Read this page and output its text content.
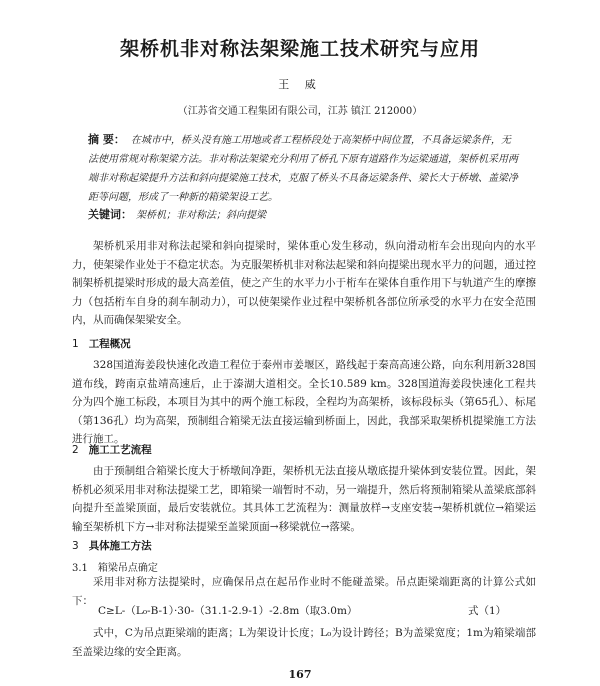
架桥机非对称法架梁施工技术研究与应用
王 威
（江苏省交通工程集团有限公司，江苏 镇江 212000）
摘 要： 在城市中，桥头没有施工用地或者工程桥段处于高架桥中间位置，不具备运梁条件，无法使用常规对称架梁方法。非对称法架梁充分利用了桥孔下原有道路作为运梁通道，架桥机采用两端非对称起梁提升方法和斜向提梁施工技术，克服了桥头不具备运梁条件、梁长大于桥墩、盖梁净距等问题，形成了一种新的箱梁架设工艺。
关键词： 架桥机；非对称法；斜向提梁

架桥机采用非对称法起梁和斜向提梁时，梁体重心发生移动，纵向滑动桁车会出现向内的水平力，使架梁作业处于不稳定状态。为克服架桥机非对称法起梁和斜向提梁出现水平力的问题，通过控制架桥机提梁时形成的最大高差值，使之产生的水平力小于桁车在梁体自重作用下与轨道产生的摩擦力（包括桁车自身的刹车制动力），可以使架梁作业过程中架桥机各部位所承受的水平力在安全范围内，从而确保架梁安全。

1 工程概况

328国道海姜段快速化改造工程位于泰州市姜堰区，路线起于秦高高速公路，向东利用新328国道布线，跨南京盐靖高速后，止于溱湖大道相交。全长10.589 km。328国道海姜段快速化工程共分为四个施工标段，本项目为其中的两个施工标段，全程均为高架桥，该标段标头（第65孔）、标尾（第136孔）均为高架，预制组合箱梁无法直接运输到桥面上，因此，我部采取架桥机提梁施工方法进行施工。

2 施工工艺流程

由于预制组合箱梁长度大于桥墩间净距，架桥机无法直接从墩底提升梁体到安装位置。因此，架桥机必须采用非对称法提梁工艺，即箱梁一端暂时不动，另一端提升，然后将预制箱梁从盖梁底部斜向提升至盖梁顶面，最后安装就位。其具体工艺流程为：测量放样→支座安装→架桥机就位→箱梁运输至架桥机下方→非对称法提梁至盖梁顶面→移梁就位→落梁。

3 具体施工方法
3.1 箱梁吊点确定

采用非对称方法提梁时，应确保吊点在起吊作业时不能碰盖梁。吊点距梁端距离的计算公式如下：

C≥L-（L₀-B-1）·30-（31.1-2.9-1）-2.8m（取3.0m）	式（1）

式中，C为吊点距梁端的距离；L为架设计长度；L₀为设计跨径；B为盖梁宽度；1m为箱梁端部至盖梁边缘的安全距离。

167
